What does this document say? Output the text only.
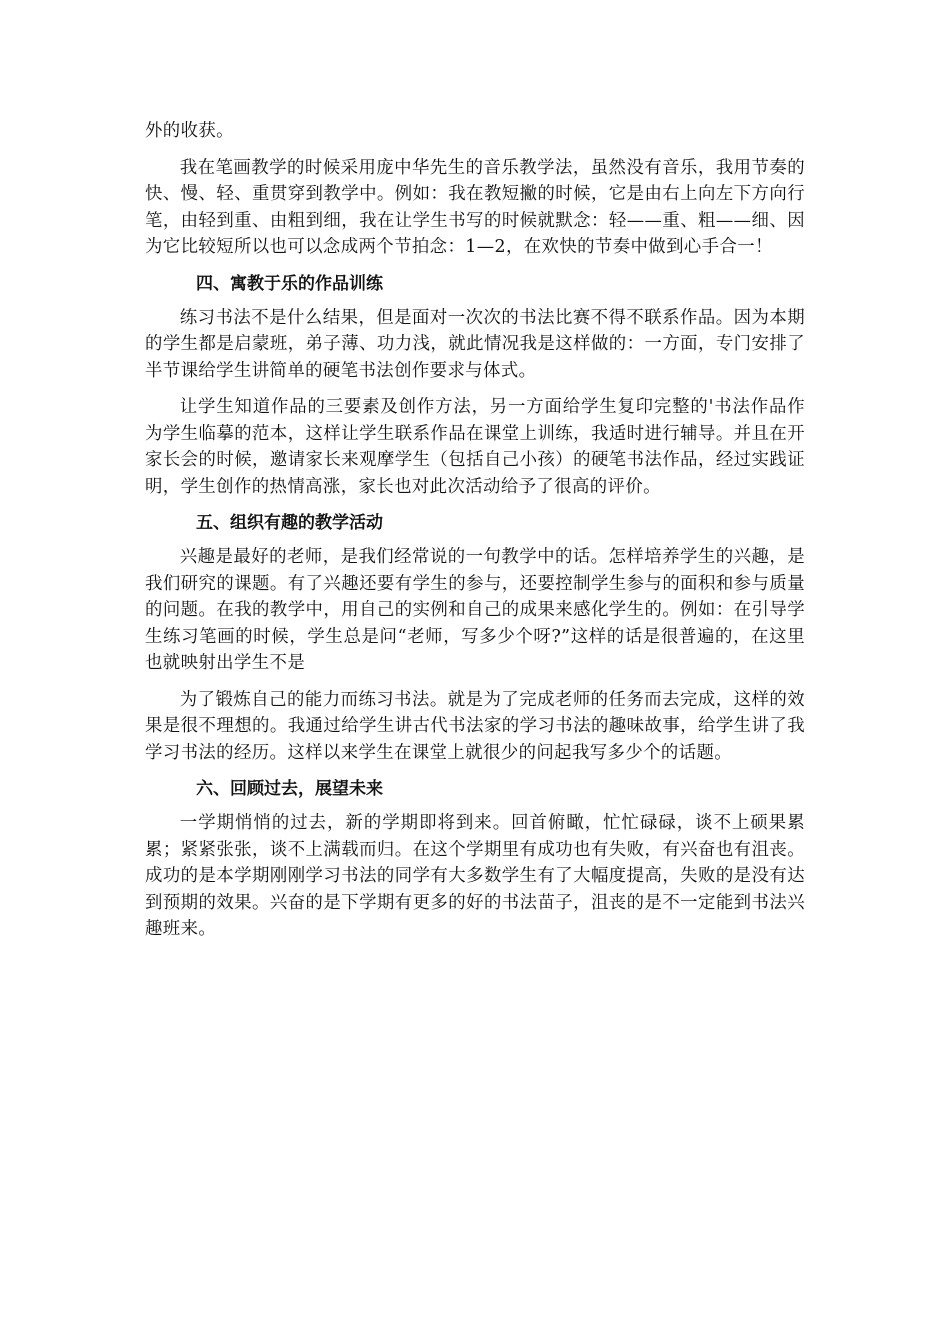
外的收获。

我在笔画教学的时候采用庞中华先生的音乐教学法，虽然没有音乐，我用节奏的快、慢、轻、重贯穿到教学中。例如：我在教短撇的时候，它是由右上向左下方向行笔，由轻到重、由粗到细，我在让学生书写的时候就默念：轻——重、粗——细、因为它比较短所以也可以念成两个节拍念：1—2，在欢快的节奏中做到心手合一！

四、寓教于乐的作品训练

练习书法不是什么结果，但是面对一次次的书法比赛不得不联系作品。因为本期的学生都是启蒙班，弟子薄、功力浅，就此情况我是这样做的：一方面，专门安排了半节课给学生讲简单的硬笔书法创作要求与体式。

让学生知道作品的三要素及创作方法，另一方面给学生复印完整的'书法作品作为学生临摹的范本，这样让学生联系作品在课堂上训练，我适时进行辅导。并且在开家长会的时候，邀请家长来观摩学生（包括自己小孩）的硬笔书法作品，经过实践证明，学生创作的热情高涨，家长也对此次活动给予了很高的评价。

五、组织有趣的教学活动

兴趣是最好的老师，是我们经常说的一句教学中的话。怎样培养学生的兴趣，是我们研究的课题。有了兴趣还要有学生的参与，还要控制学生参与的面积和参与质量的问题。在我的教学中，用自己的实例和自己的成果来感化学生的。例如：在引导学生练习笔画的时候，学生总是问“老师，写多少个呀?”这样的话是很普遍的，在这里也就映射出学生不是

为了锻炼自己的能力而练习书法。就是为了完成老师的任务而去完成，这样的效果是很不理想的。我通过给学生讲古代书法家的学习书法的趣味故事，给学生讲了我学习书法的经历。这样以来学生在课堂上就很少的问起我写多少个的话题。

六、回顾过去，展望未来

一学期悄悄的过去，新的学期即将到来。回首俯瞰，忙忙碌碌，谈不上硕果累累；紧紧张张，谈不上满载而归。在这个学期里有成功也有失败，有兴奋也有沮丧。成功的是本学期刚刚学习书法的同学有大多数学生有了大幅度提高，失败的是没有达到预期的效果。兴奋的是下学期有更多的好的书法苗子，沮丧的是不一定能到书法兴趣班来。
